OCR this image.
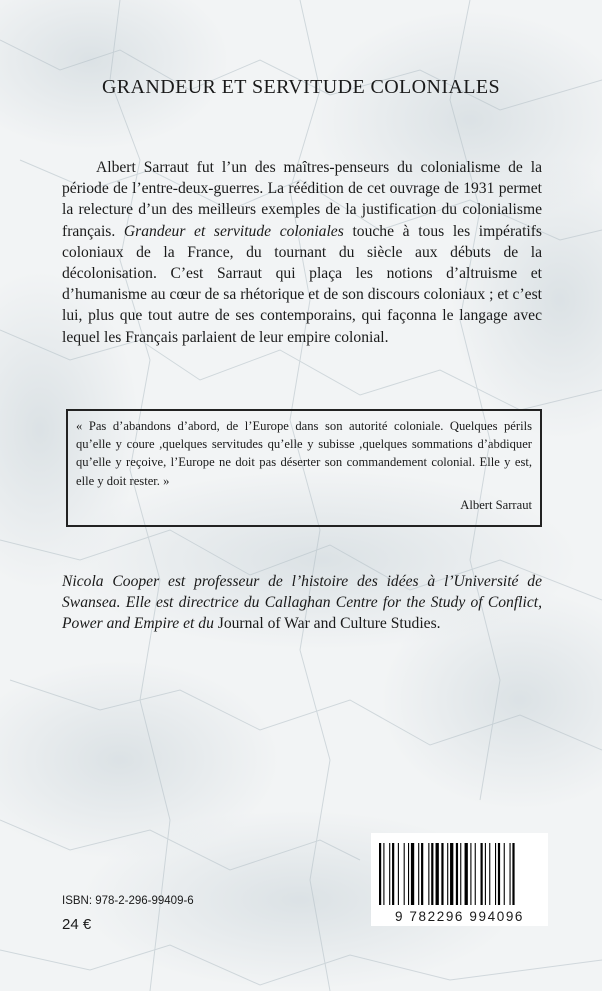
GRANDEUR ET SERVITUDE COLONIALES

Albert Sarraut fut l’un des maîtres-penseurs du colonialisme de la période de l’entre-deux-guerres. La réédition de cet ouvrage de 1931 permet la relecture d’un des meilleurs exemples de la justification du colonialisme français. Grandeur et servitude coloniales touche à tous les impératifs coloniaux de la France, du tournant du siècle aux débuts de la décolonisation. C’est Sarraut qui plaça les notions d’altruisme et d’humanisme au cœur de sa rhétorique et de son discours coloniaux ; et c’est lui, plus que tout autre de ses contemporains, qui façonna le langage avec lequel les Français parlaient de leur empire colonial.

« Pas d’abandons d’abord, de l’Europe dans son autorité coloniale. Quelques périls qu’elle y coure ,quelques servitudes qu’elle y subisse ,quelques sommations d’abdiquer qu’elle y reçoive, l’Europe ne doit pas déserter son commandement colonial. Elle y est, elle y doit rester. »

Albert Sarraut

Nicola Cooper est professeur de l’histoire des idées à l’Université de Swansea. Elle est directrice du Callaghan Centre for the Study of Conflict, Power and Empire et du Journal of War and Culture Studies.

ISBN: 978-2-296-99409-6
24 €	9 782296 994096
